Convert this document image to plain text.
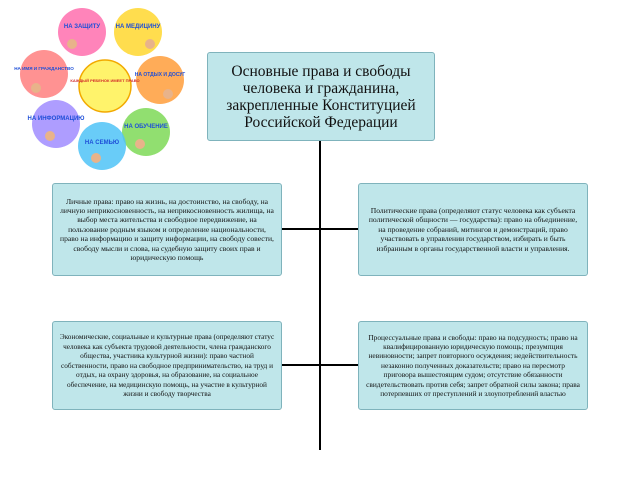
КАЖДЫЙ РЕБЕНОК ИМЕЕТ ПРАВО
НА ЗАЩИТУ	НА МЕДИЦИНУ
НА ОТДЫХ И ДОСУГ
НА ОБУЧЕНИЕ
НА СЕМЬЮ
НА ИНФОРМАЦИЮ
НА ИМЯ И ГРАЖДАНСТВО	Основные права и свободы человека и гражданина, закрепленные Конституцией Российской Федерации
Личные права: право на жизнь, на достоинство, на свободу, на личную неприкосновенность, на неприкосновенность жилища, на выбор места жительства и свободное передвижение, на пользование родным языком и определение национальности, право на информацию и защиту информации, на свободу совести, свободу мысли и слова, на судебную защиту своих прав и юридическую помощь
Политические права (определяют статус человека как субъекта политической общности — государства): право на объединение, на проведение собраний, митингов и демонстраций, право участвовать в управлении государством, избирать и быть избранным в органы государственной власти и управления.
Экономические, социальные и культурные права (определяют статус человека как субъекта трудовой деятельности, члена гражданского общества, участника культурной жизни): право частной собственности, право на свободное предпринимательство, на труд и отдых, на охрану здоровья, на образование, на социальное обеспечение, на медицинскую помощь, на участие в культурной жизни и свободу творчества
Процессуальные права и свободы: право на подсудность; право на квалифицированную юридическую помощь; презумпция невиновности; запрет повторного осуждения; недействительность незаконно полученных доказательств; право на пересмотр приговора вышестоящим судом; отсутствие обязанности свидетельствовать против себя; запрет обратной силы закона; права потерпевших от преступлений и злоупотреблений властью
